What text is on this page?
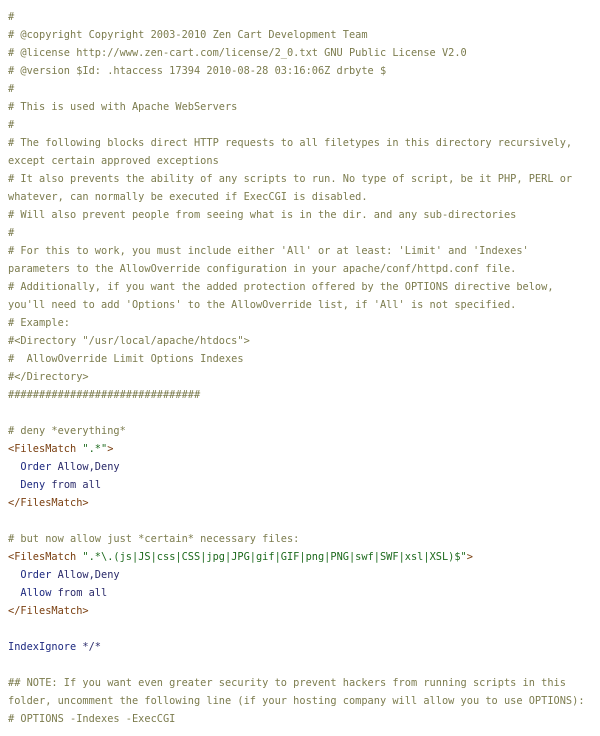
#
# @copyright Copyright 2003-2010 Zen Cart Development Team
# @license http://www.zen-cart.com/license/2_0.txt GNU Public License V2.0
# @version $Id: .htaccess 17394 2010-08-28 03:16:06Z drbyte $
#
# This is used with Apache WebServers
#
# The following blocks direct HTTP requests to all filetypes in this directory recursively, except certain approved exceptions
# It also prevents the ability of any scripts to run. No type of script, be it PHP, PERL or whatever, can normally be executed if ExecCGI is disabled.
# Will also prevent people from seeing what is in the dir. and any sub-directories
#
# For this to work, you must include either 'All' or at least: 'Limit' and 'Indexes' parameters to the AllowOverride configuration in your apache/conf/httpd.conf file.
# Additionally, if you want the added protection offered by the OPTIONS directive below, you'll need to add 'Options' to the AllowOverride list, if 'All' is not specified.
# Example:
#<Directory "/usr/local/apache/htdocs">
#  AllowOverride Limit Options Indexes
#</Directory>
###############################
# deny *everything*
<FilesMatch ".*">
Order Allow,Deny
Deny from all
</FilesMatch>
# but now allow just *certain* necessary files:
<FilesMatch ".*\.(js|JS|css|CSS|jpg|JPG|gif|GIF|png|PNG|swf|SWF|xsl|XSL)$">
Order Allow,Deny
Allow from all
</FilesMatch>
IndexIgnore */*
## NOTE: If you want even greater security to prevent hackers from running scripts in this folder, uncomment the following line (if your hosting company will allow you to use OPTIONS):
# OPTIONS -Indexes -ExecCGI
